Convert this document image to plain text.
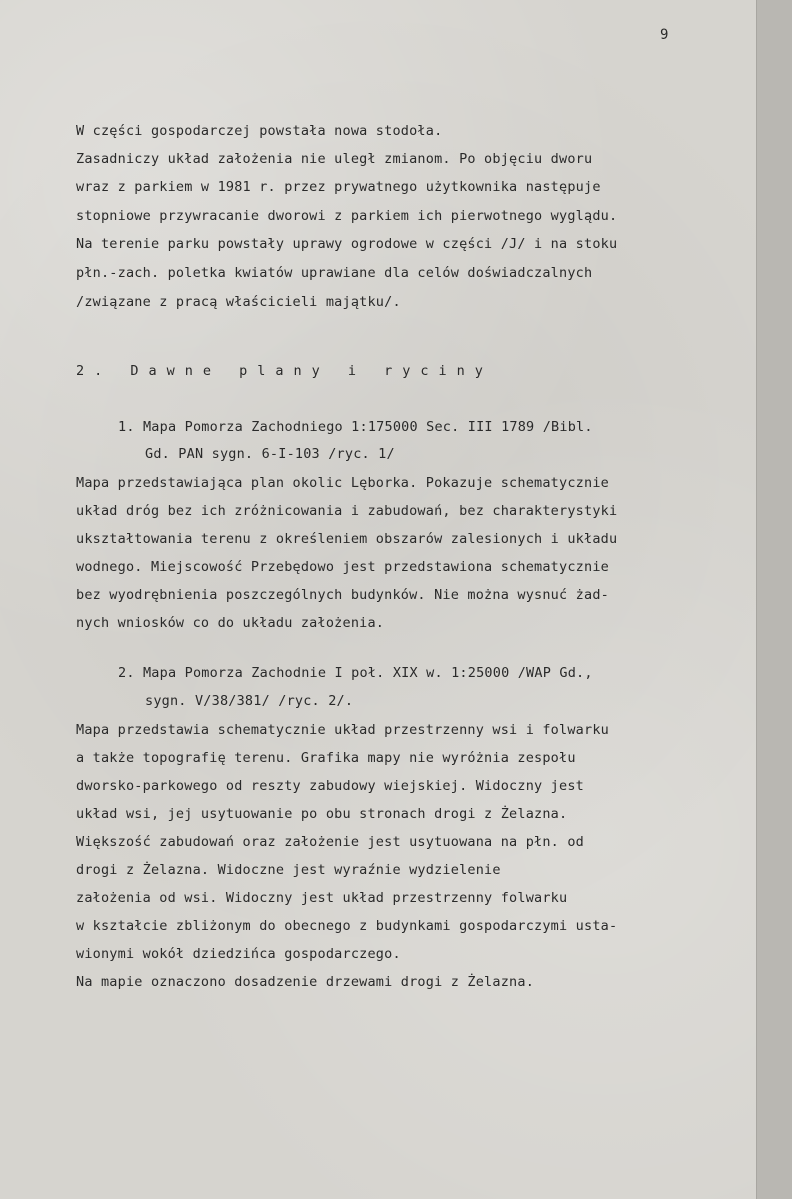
9
W części gospodarczej powstała nowa stodoła.
Zasadniczy układ założenia nie uległ zmianom. Po objęciu dworu
wraz z parkiem w 1981 r. przez prywatnego użytkownika następuje
stopniowe przywracanie dworowi z parkiem ich pierwotnego wyglądu.
Na terenie parku powstały uprawy ogrodowe w części /J/ i na stoku
płn.-zach. poletka kwiatów uprawiane dla celów doświadczalnych
/związane z pracą właścicieli majątku/.
2. Dawne plany i ryciny
1. Mapa Pomorza Zachodniego 1:175000 Sec. III 1789 /Bibl.
Gd. PAN sygn. 6-I-103 /ryc. 1/
Mapa przedstawiająca plan okolic Lęborka. Pokazuje schematycznie
układ dróg bez ich zróżnicowania i zabudowań, bez charakterystyki
ukształtowania terenu z określeniem obszarów zalesionych i układu
wodnego. Miejscowość Przebędowo jest przedstawiona schematycznie
bez wyodrębnienia poszczególnych budynków. Nie można wysnuć żad-
nych wniosków co do układu założenia.
2. Mapa Pomorza Zachodnie I poł. XIX w. 1:25000 /WAP Gd.,
sygn. V/38/381/ /ryc. 2/.
Mapa przedstawia schematycznie układ przestrzenny wsi i folwarku
a także topografię terenu. Grafika mapy nie wyróżnia zespołu
dworsko-parkowego od reszty zabudowy wiejskiej. Widoczny jest
układ wsi, jej usytuowanie po obu stronach drogi z Żelazna.
Większość zabudowań oraz założenie jest usytuowana na płn. od
drogi z Żelazna. Widoczne jest wyraźnie wydzielenie
założenia od wsi. Widoczny jest układ przestrzenny folwarku
w kształcie zbliżonym do obecnego z budynkami gospodarczymi usta-
wionymi wokół dziedzińca gospodarczego.
Na mapie oznaczono dosadzenie drzewami drogi z Żelazna.
